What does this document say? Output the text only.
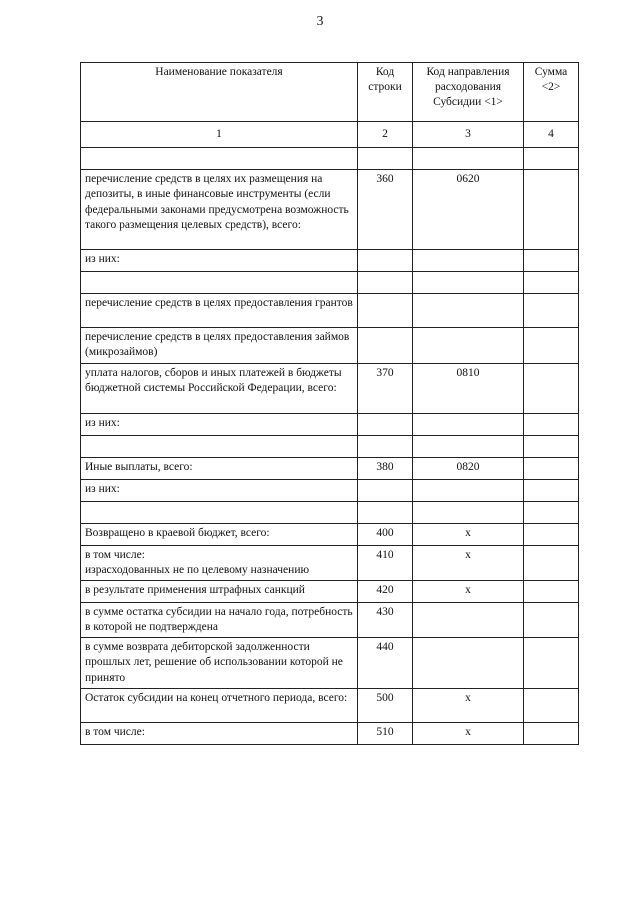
3
Наименование показателя	Код строки	Код направления расходования Субсидии <1>	Сумма <2>
1	2	3	4

перечисление средств в целях их размещения на депозиты, в иные финансовые инструменты (если федеральными законами предусмотрена возможность такого размещения целевых средств), всего:	360	0620	
из них:			

перечисление средств в целях предоставления грантов			
перечисление средств в целях предоставления займов (микрозаймов)			
уплата налогов, сборов и иных платежей в бюджеты бюджетной системы Российской Федерации, всего:	370	0810	
из них:			

Иные выплаты, всего:	380	0820	
из них:			

Возвращено в краевой бюджет, всего:	400	x	
в том числе:
израсходованных не по целевому назначению	410	x	
в результате применения штрафных санкций	420	x	
в сумме остатка субсидии на начало года, потребность в которой не подтверждена	430		
в сумме возврата дебиторской задолженности прошлых лет, решение об использовании которой не принято	440		
Остаток субсидии на конец отчетного периода, всего:	500	x	
в том числе:	510	x	
